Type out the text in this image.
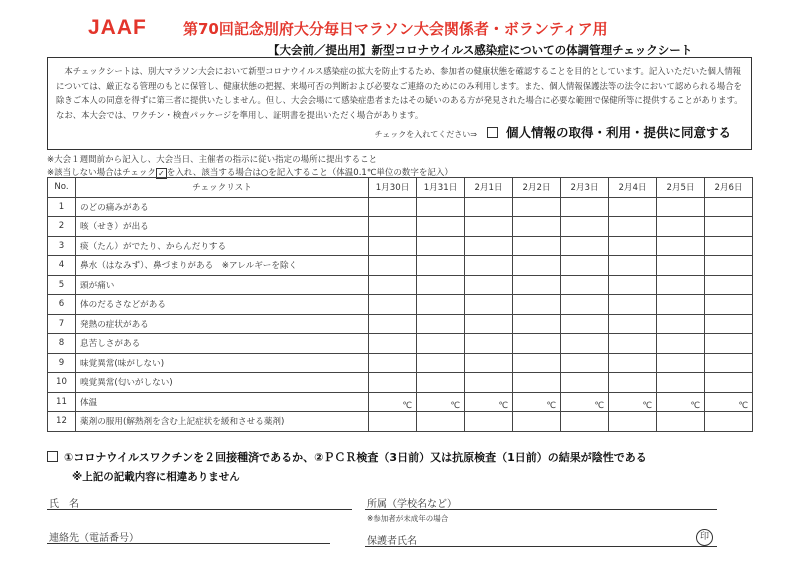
JAAF 第70回記念別府大分毎日マラソン大会関係者・ボランティア用
【大会前／提出用】新型コロナウイルス感染症についての体調管理チェックシート
本チェックシートは、別大マラソン大会において新型コロナウイルス感染症の拡大を防止するため、参加者の健康状態を確認することを目的としています。記入いただいた個人情報については、厳正なる管理のもとに保管し、健康状態の把握、来場可否の判断および必要なご連絡のためにのみ利用します。また、個人情報保護法等の法令において認められる場合を除きご本人の同意を得ずに第三者に提供いたしません。但し、大会会場にて感染症患者またはその疑いのある方が発見された場合に必要な範囲で保健所等に提供することがあります。なお、本大会では、ワクチン・検査パッケージを準用し、証明書を提出いただく場合があります。
チェックを入れてください⇒ 個人情報の取得・利用・提供に同意する
※大会１週間前から記入し、大会当日、主催者の指示に従い指定の場所に提出すること
※該当しない場合はチェック ✓ を入れ、該当する場合は○を記入すること（体温0.1℃単位の数字を記入）
No.	チェックリスト	1月30日	1月31日	2月1日	2月2日	2月3日	2月4日	2月5日	2月6日
1	のどの痛みがある								
2	咳（せき）が出る								
3	痰（たん）がでたり、からんだりする								
4	鼻水（はなみず）、鼻づまりがある　※アレルギーを除く								
5	頭が痛い								
6	体のだるさなどがある								
7	発熱の症状がある								
8	息苦しさがある								
9	味覚異常(味がしない)								
10	嗅覚異常(匂いがしない)								
11	体温	℃	℃	℃	℃	℃	℃	℃	℃
12	薬剤の服用(解熱剤を含む上記症状を緩和させる薬剤)								
①コロナウイルスワクチンを２回接種済であるか、②ＰＣＲ検査（3日前）又は抗原検査（1日前）の結果が陰性である
※上記の記載内容に相違ありません
氏　名	所属（学校名など）
※参加者が未成年の場合
連絡先（電話番号）	保護者氏名	印
